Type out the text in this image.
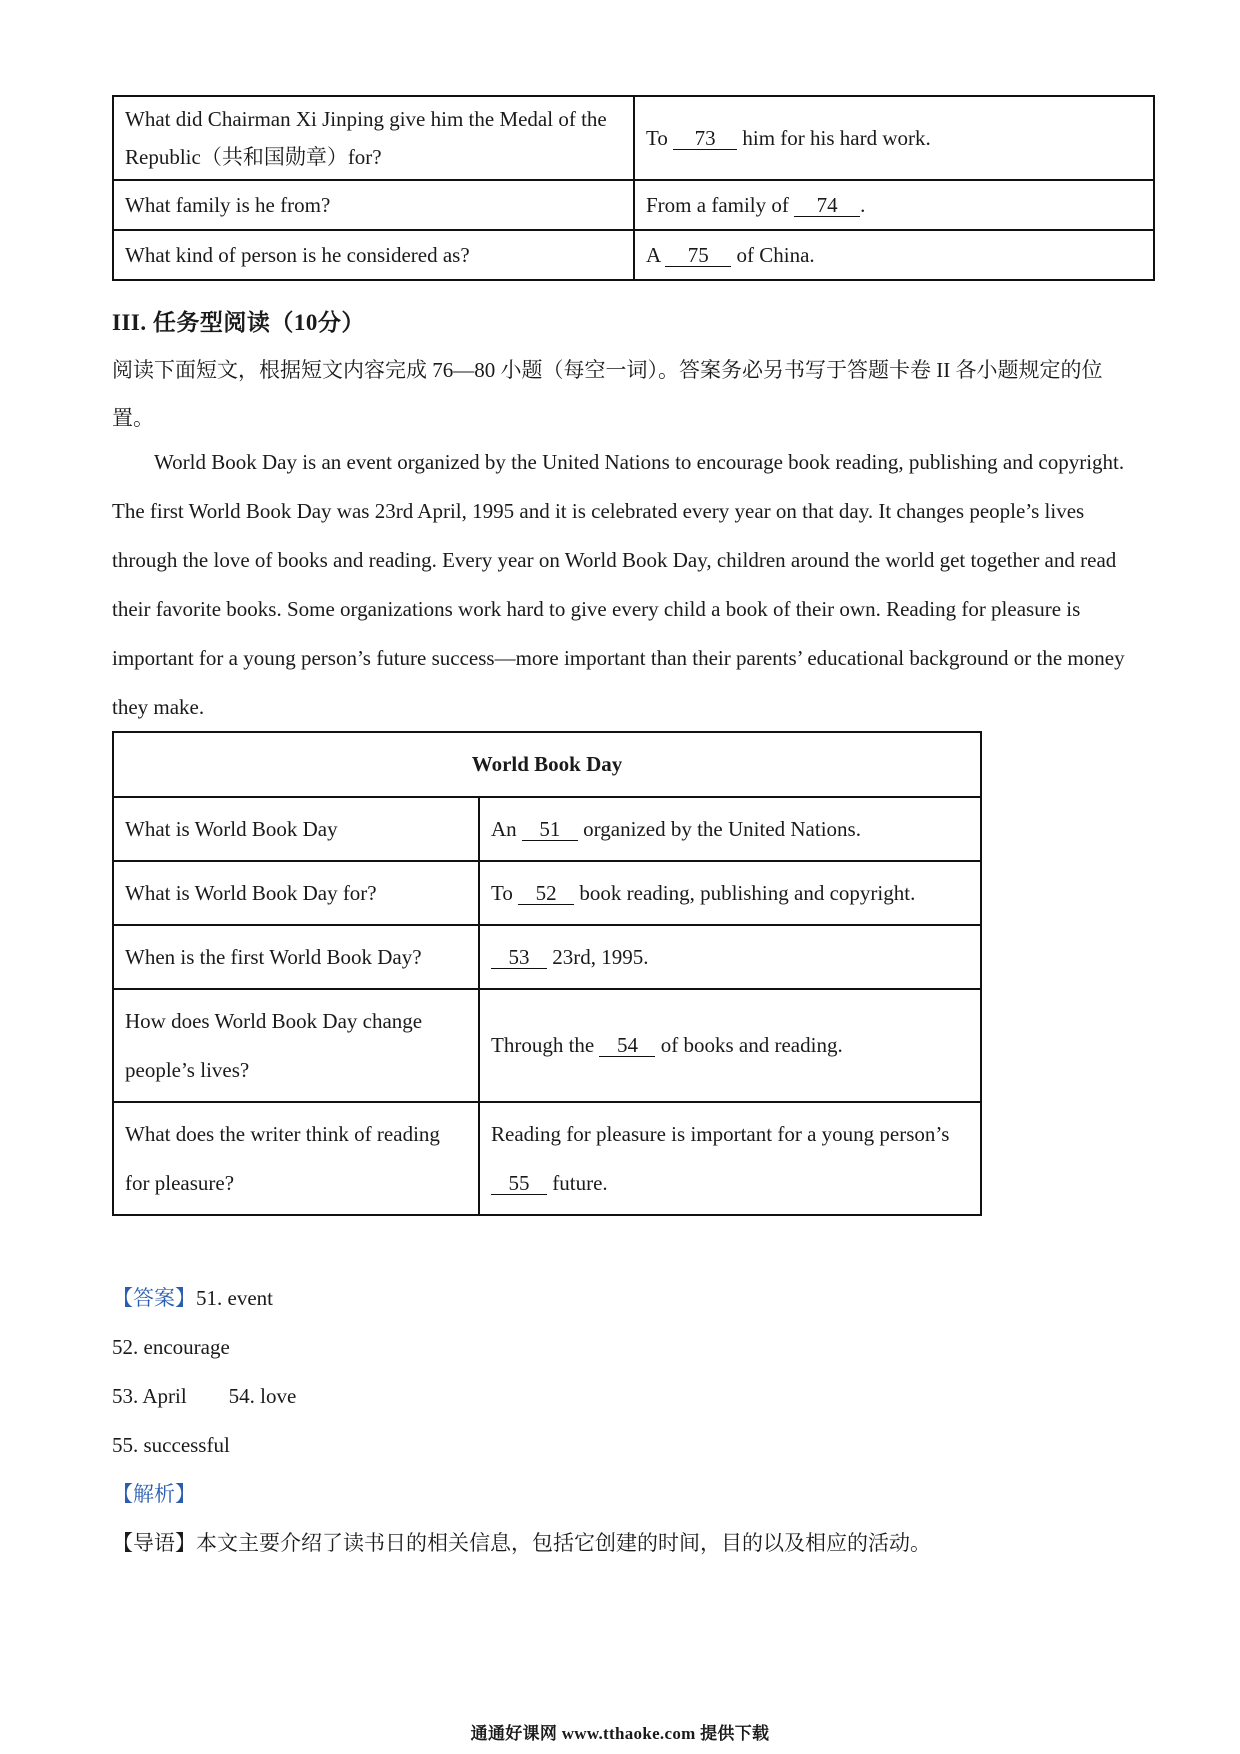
What did Chairman Xi Jinping give him the Medal of the Republic（共和国勋章）for?	To 73 him for his hard work.
What family is he from?	From a family of 74 .
What kind of person is he considered as?	A 75 of China.
III. 任务型阅读（10分）
阅读下面短文，根据短文内容完成 76—80 小题（每空一词）。答案务必另书写于答题卡卷 II 各小题规定的位置。
World Book Day is an event organized by the United Nations to encourage book reading, publishing and copyright. The first World Book Day was 23rd April, 1995 and it is celebrated every year on that day. It changes people’s lives through the love of books and reading. Every year on World Book Day, children around the world get together and read their favorite books. Some organizations work hard to give every child a book of their own. Reading for pleasure is important for a young person’s future success—more important than their parents’ educational background or the money they make.
World Book Day	
What is World Book Day	An 51 organized by the United Nations.
What is World Book Day for?	To 52 book reading, publishing and copyright.
When is the first World Book Day?	53 23rd, 1995.
How does World Book Day change people’s lives?	Through the 54 of books and reading.
What does the writer think of reading for pleasure?	Reading for pleasure is important for a young person’s 55 future.
【答案】51. event
52. encourage
53. April 54. love
55. successful
【解析】
【导语】本文主要介绍了读书日的相关信息，包括它创建的时间，目的以及相应的活动。
通通好课网 www.tthaoke.com 提供下载
